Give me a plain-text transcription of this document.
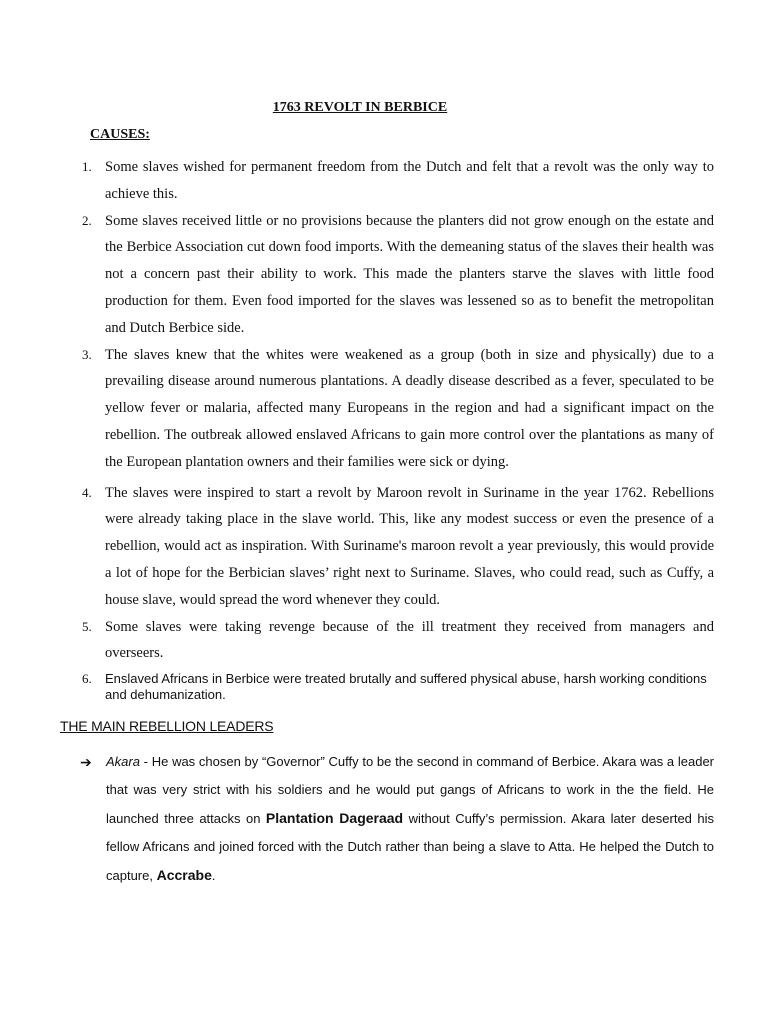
1763 REVOLT IN BERBICE
CAUSES:
1. Some slaves wished for permanent freedom from the Dutch and felt that a revolt was the only way to achieve this.
2. Some slaves received little or no provisions because the planters did not grow enough on the estate and the Berbice Association cut down food imports. With the demeaning status of the slaves their health was not a concern past their ability to work. This made the planters starve the slaves with little food production for them. Even food imported for the slaves was lessened so as to benefit the metropolitan and Dutch Berbice side.
3. The slaves knew that the whites were weakened as a group (both in size and physically) due to a prevailing disease around numerous plantations. A deadly disease described as a fever, speculated to be yellow fever or malaria, affected many Europeans in the region and had a significant impact on the rebellion. The outbreak allowed enslaved Africans to gain more control over the plantations as many of the European plantation owners and their families were sick or dying.
4. The slaves were inspired to start a revolt by Maroon revolt in Suriname in the year 1762. Rebellions were already taking place in the slave world. This, like any modest success or even the presence of a rebellion, would act as inspiration. With Suriname's maroon revolt a year previously, this would provide a lot of hope for the Berbician slaves’ right next to Suriname. Slaves, who could read, such as Cuffy, a house slave, would spread the word whenever they could.
5. Some slaves were taking revenge because of the ill treatment they received from managers and overseers.
6. Enslaved Africans in Berbice were treated brutally and suffered physical abuse, harsh working conditions and dehumanization.
THE MAIN REBELLION LEADERS
➔ Akara - He was chosen by “Governor” Cuffy to be the second in command of Berbice. Akara was a leader that was very strict with his soldiers and he would put gangs of Africans to work in the the field. He launched three attacks on Plantation Dageraad without Cuffy’s permission. Akara later deserted his fellow Africans and joined forced with the Dutch rather than being a slave to Atta. He helped the Dutch to capture, Accrabe.
